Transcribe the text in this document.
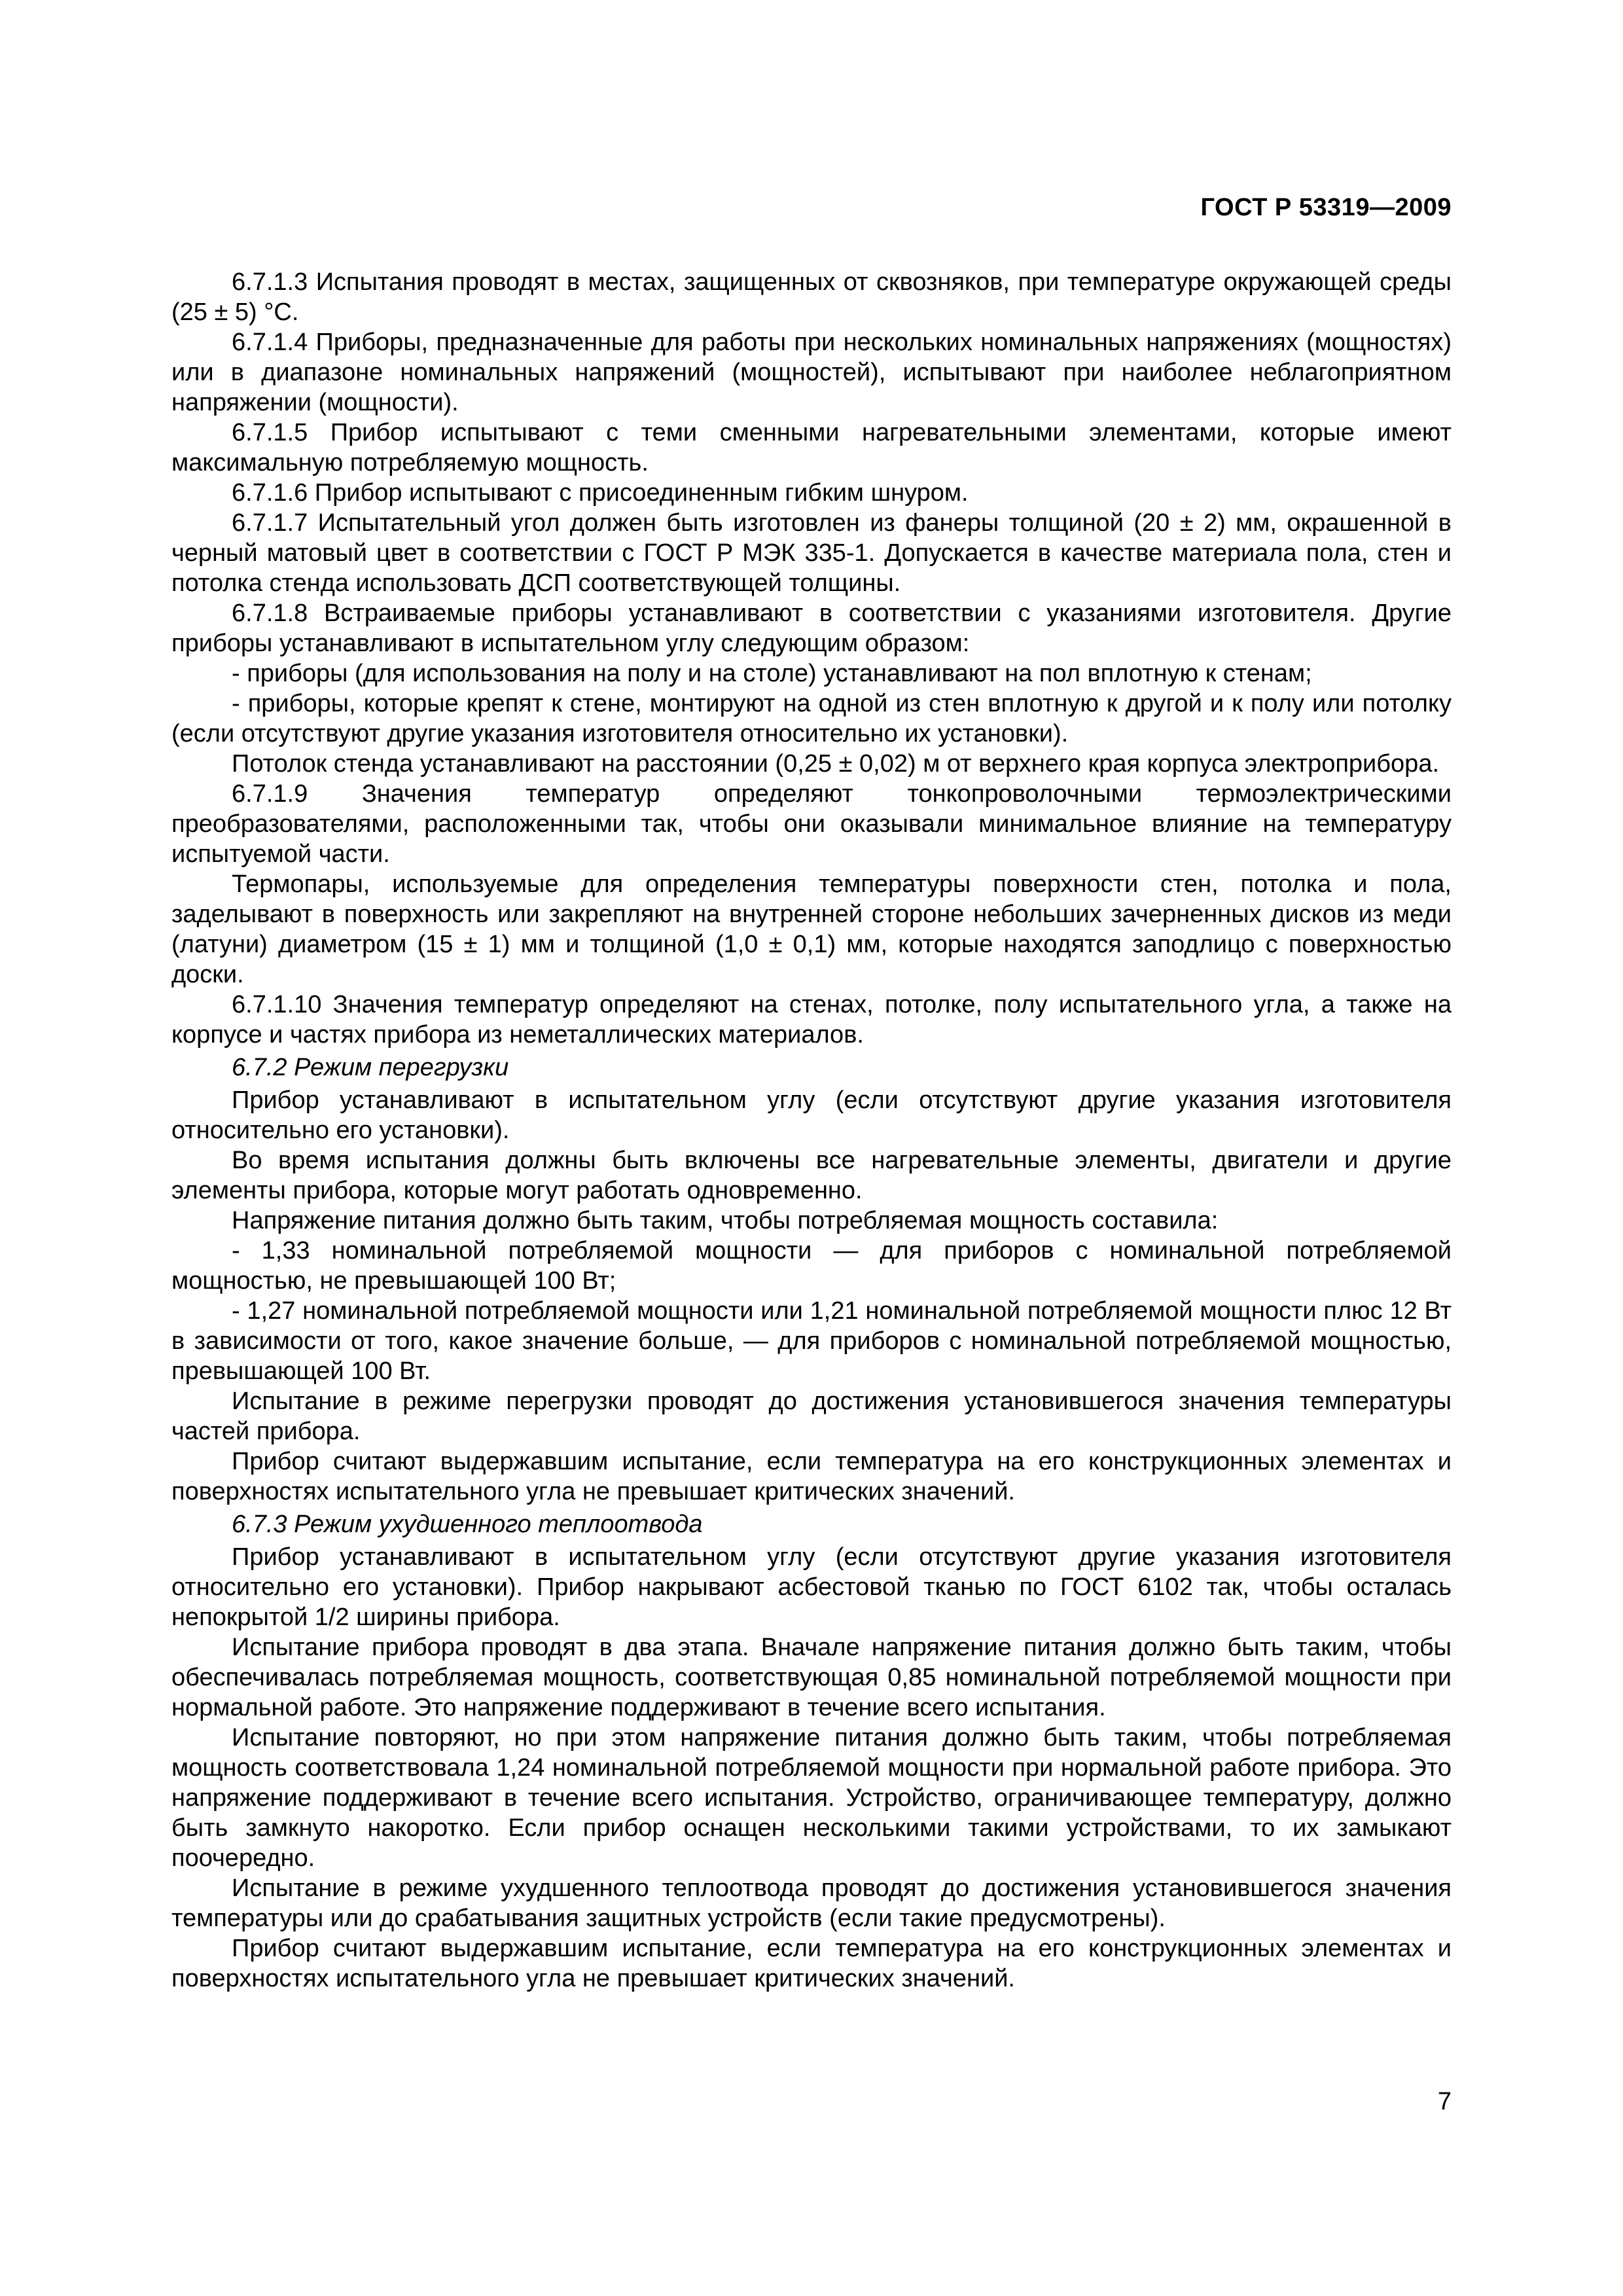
ГОСТ Р 53319—2009

6.7.1.3 Испытания проводят в местах, защищенных от сквозняков, при температуре окружающей среды (25 ± 5) °С.

6.7.1.4 Приборы, предназначенные для работы при нескольких номинальных напряжениях (мощностях) или в диапазоне номинальных напряжений (мощностей), испытывают при наиболее неблагоприятном напряжении (мощности).

6.7.1.5 Прибор испытывают с теми сменными нагревательными элементами, которые имеют максимальную потребляемую мощность.

6.7.1.6 Прибор испытывают с присоединенным гибким шнуром.

6.7.1.7 Испытательный угол должен быть изготовлен из фанеры толщиной (20 ± 2) мм, окрашенной в черный матовый цвет в соответствии с ГОСТ Р МЭК 335-1. Допускается в качестве материала пола, стен и потолка стенда использовать ДСП соответствующей толщины.

6.7.1.8 Встраиваемые приборы устанавливают в соответствии с указаниями изготовителя. Другие приборы устанавливают в испытательном углу следующим образом:

- приборы (для использования на полу и на столе) устанавливают на пол вплотную к стенам;

- приборы, которые крепят к стене, монтируют на одной из стен вплотную к другой и к полу или потолку (если отсутствуют другие указания изготовителя относительно их установки).

Потолок стенда устанавливают на расстоянии (0,25 ± 0,02) м от верхнего края корпуса электроприбора.

6.7.1.9 Значения температур определяют тонкопроволочными термоэлектрическими преобразователями, расположенными так, чтобы они оказывали минимальное влияние на температуру испытуемой части.

Термопары, используемые для определения температуры поверхности стен, потолка и пола, заделывают в поверхность или закрепляют на внутренней стороне небольших зачерненных дисков из меди (латуни) диаметром (15 ± 1) мм и толщиной (1,0 ± 0,1) мм, которые находятся заподлицо с поверхностью доски.

6.7.1.10 Значения температур определяют на стенах, потолке, полу испытательного угла, а также на корпусе и частях прибора из неметаллических материалов.

6.7.2 Режим перегрузки

Прибор устанавливают в испытательном углу (если отсутствуют другие указания изготовителя относительно его установки).

Во время испытания должны быть включены все нагревательные элементы, двигатели и другие элементы прибора, которые могут работать одновременно.

Напряжение питания должно быть таким, чтобы потребляемая мощность составила:

- 1,33 номинальной потребляемой мощности — для приборов с номинальной потребляемой мощностью, не превышающей 100 Вт;

- 1,27 номинальной потребляемой мощности или 1,21 номинальной потребляемой мощности плюс 12 Вт в зависимости от того, какое значение больше, — для приборов с номинальной потребляемой мощностью, превышающей 100 Вт.

Испытание в режиме перегрузки проводят до достижения установившегося значения температуры частей прибора.

Прибор считают выдержавшим испытание, если температура на его конструкционных элементах и поверхностях испытательного угла не превышает критических значений.

6.7.3 Режим ухудшенного теплоотвода

Прибор устанавливают в испытательном углу (если отсутствуют другие указания изготовителя относительно его установки). Прибор накрывают асбестовой тканью по ГОСТ 6102 так, чтобы осталась непокрытой 1/2 ширины прибора.

Испытание прибора проводят в два этапа. Вначале напряжение питания должно быть таким, чтобы обеспечивалась потребляемая мощность, соответствующая 0,85 номинальной потребляемой мощности при нормальной работе. Это напряжение поддерживают в течение всего испытания.

Испытание повторяют, но при этом напряжение питания должно быть таким, чтобы потребляемая мощность соответствовала 1,24 номинальной потребляемой мощности при нормальной работе прибора. Это напряжение поддерживают в течение всего испытания. Устройство, ограничивающее температуру, должно быть замкнуто накоротко. Если прибор оснащен несколькими такими устройствами, то их замыкают поочередно.

Испытание в режиме ухудшенного теплоотвода проводят до достижения установившегося значения температуры или до срабатывания защитных устройств (если такие предусмотрены).

Прибор считают выдержавшим испытание, если температура на его конструкционных элементах и поверхностях испытательного угла не превышает критических значений.

7
